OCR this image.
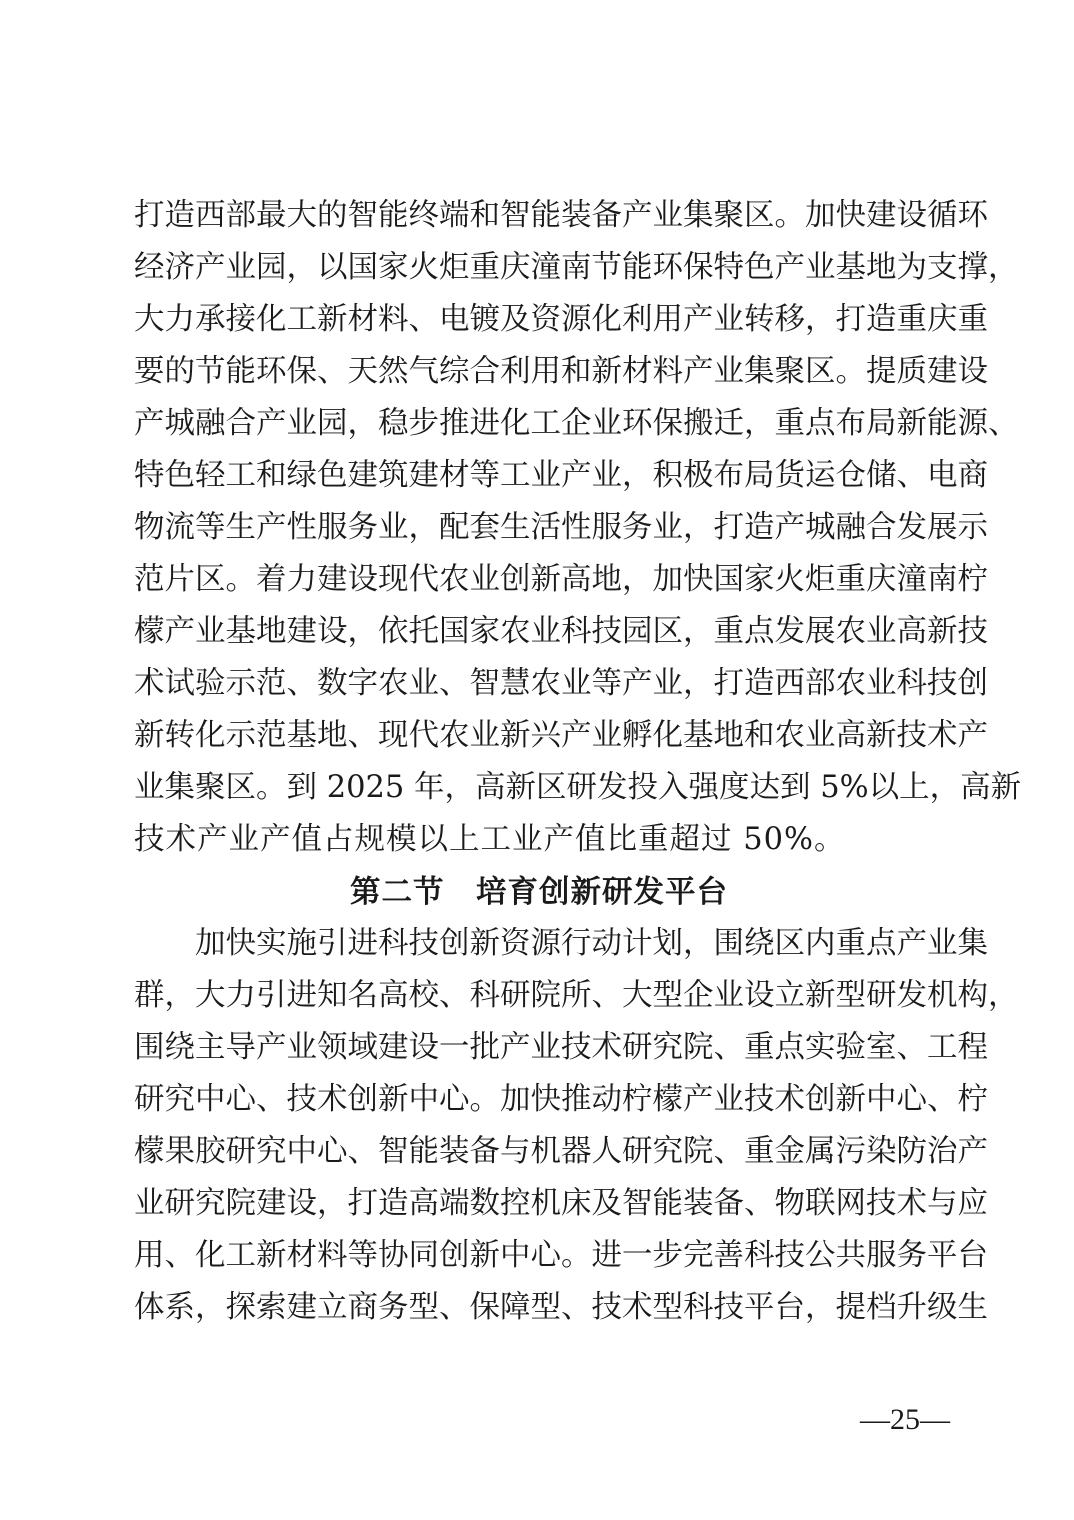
打造西部最大的智能终端和智能装备产业集聚区。加快建设循环
经济产业园，以国家火炬重庆潼南节能环保特色产业基地为支撑，
大力承接化工新材料、电镀及资源化利用产业转移，打造重庆重
要的节能环保、天然气综合利用和新材料产业集聚区。提质建设
产城融合产业园，稳步推进化工企业环保搬迁，重点布局新能源、
特色轻工和绿色建筑建材等工业产业，积极布局货运仓储、电商
物流等生产性服务业，配套生活性服务业，打造产城融合发展示
范片区。着力建设现代农业创新高地，加快国家火炬重庆潼南柠
檬产业基地建设，依托国家农业科技园区，重点发展农业高新技
术试验示范、数字农业、智慧农业等产业，打造西部农业科技创
新转化示范基地、现代农业新兴产业孵化基地和农业高新技术产
业集聚区。到 2025 年，高新区研发投入强度达到 5%以上，高新
技术产业产值占规模以上工业产值比重超过 50%。
第二节　培育创新研发平台
　　加快实施引进科技创新资源行动计划，围绕区内重点产业集
群，大力引进知名高校、科研院所、大型企业设立新型研发机构，
围绕主导产业领域建设一批产业技术研究院、重点实验室、工程
研究中心、技术创新中心。加快推动柠檬产业技术创新中心、柠
檬果胶研究中心、智能装备与机器人研究院、重金属污染防治产
业研究院建设，打造高端数控机床及智能装备、物联网技术与应
用、化工新材料等协同创新中心。进一步完善科技公共服务平台
体系，探索建立商务型、保障型、技术型科技平台，提档升级生
—25—
